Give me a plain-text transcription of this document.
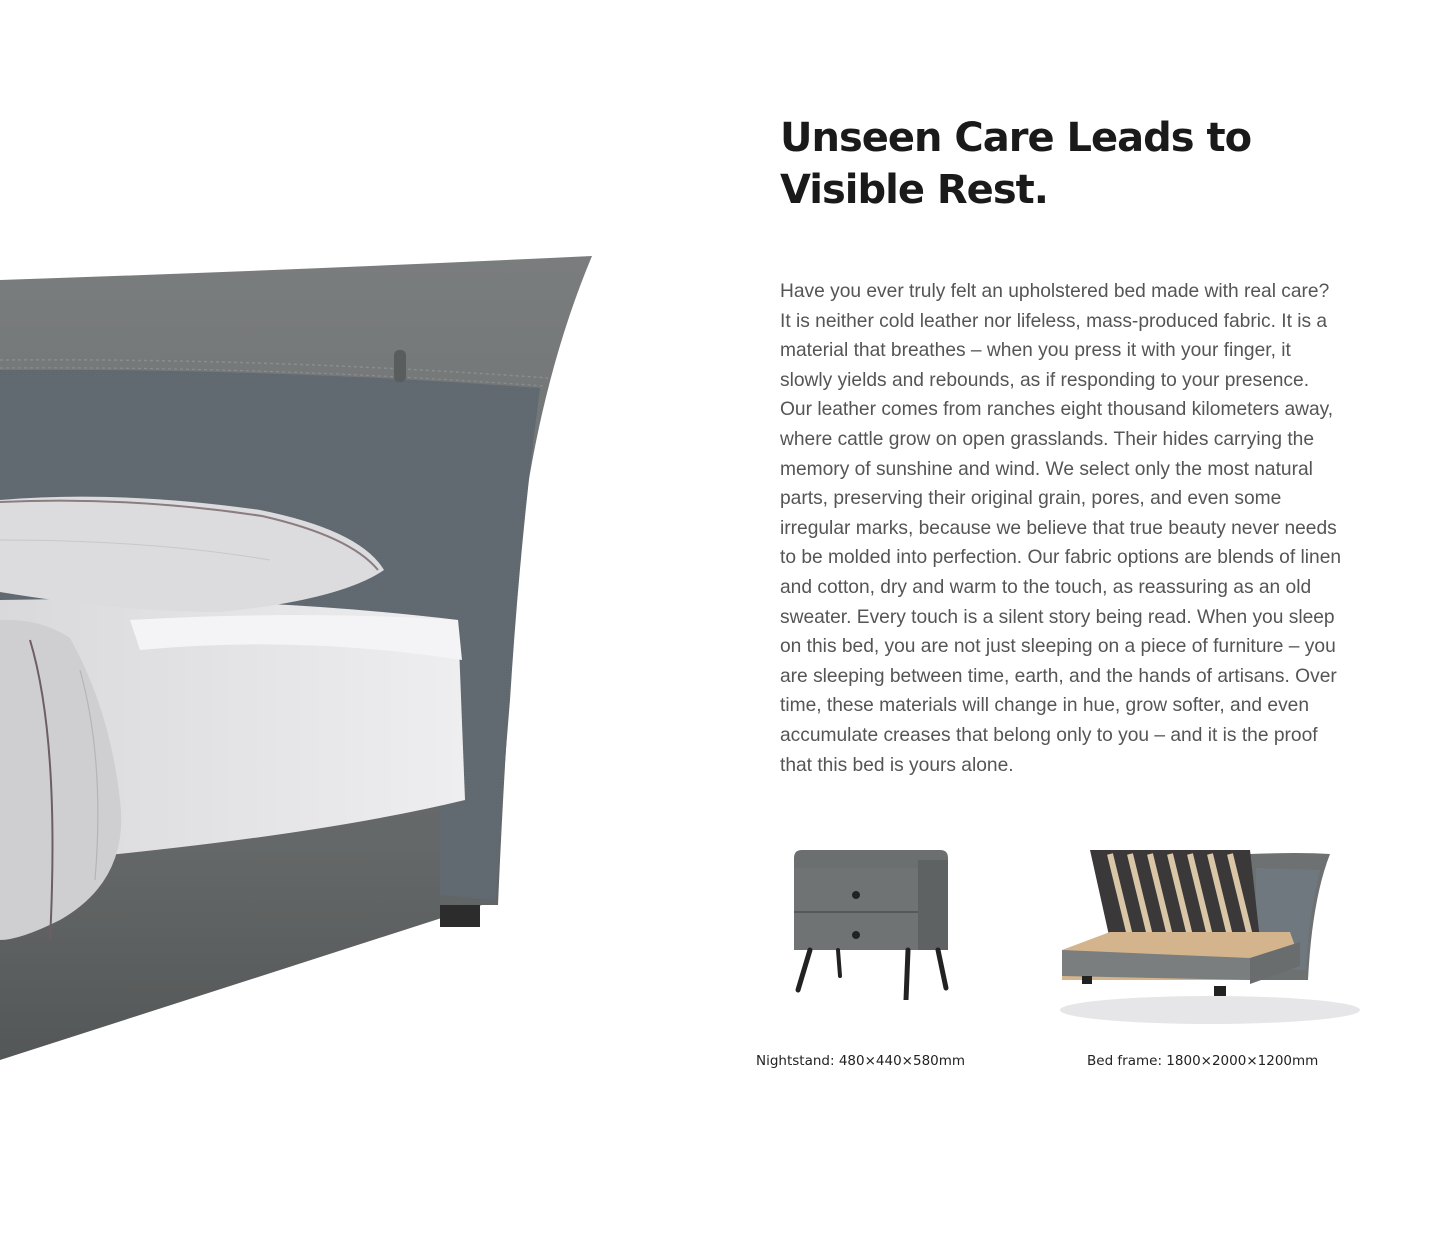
Unseen Care Leads to Visible Rest.

Have you ever truly felt an upholstered bed made with real care? It is neither cold leather nor lifeless, mass-produced fabric. It is a material that breathes – when you press it with your finger, it slowly yields and rebounds, as if responding to your presence. Our leather comes from ranches eight thousand kilometers away, where cattle grow on open grasslands. Their hides carrying the memory of sunshine and wind. We select only the most natural parts, preserving their original grain, pores, and even some irregular marks, because we believe that true beauty never needs to be molded into perfection. Our fabric options are blends of linen and cotton, dry and warm to the touch, as reassuring as an old sweater. Every touch is a silent story being read. When you sleep on this bed, you are not just sleeping on a piece of furniture – you are sleeping between time, earth, and the hands of artisans. Over time, these materials will change in hue, grow softer, and even accumulate creases that belong only to you – and it is the proof that this bed is yours alone.

Nightstand: 480×440×580mm	Bed frame: 1800×2000×1200mm
